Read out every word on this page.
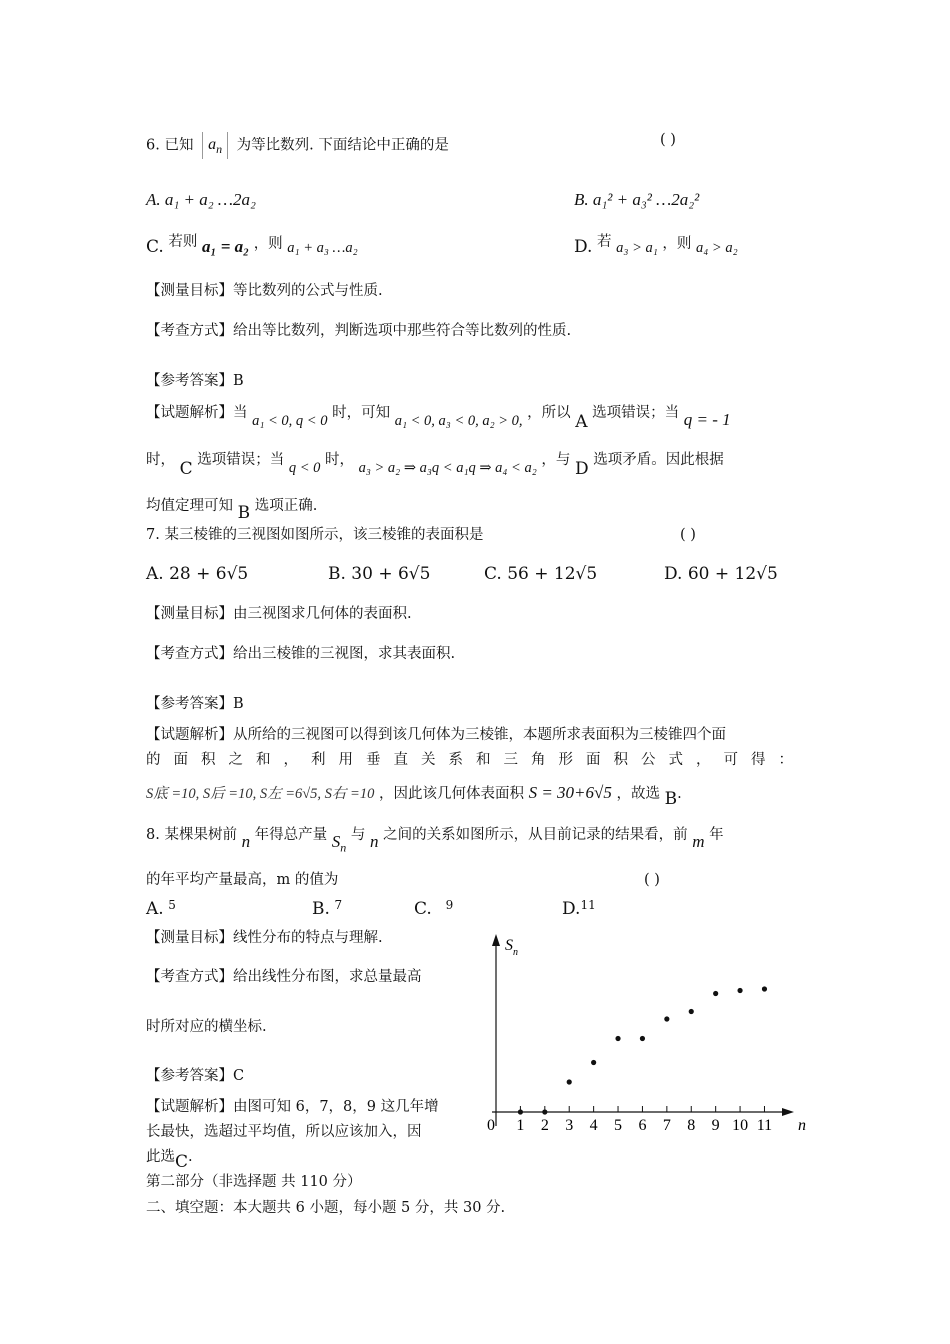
6. 已知 $a_n$ 为等比数列. 下面结论中正确的是	( )
A. a₁ + a₂ …2a₂	B. a₁² + a₃² …2a₂²
C. 若则 a₁ = a₂ ，则 a₁ + a₃ …a₂	D. 若 a₃ > a₁ ，则 a₄ > a₂
【测量目标】等比数列的公式与性质.
【考查方式】给出等比数列，判断选项中那些符合等比数列的性质.
【参考答案】B
【试题解析】当 a₁ < 0, q < 0 时，可知 a₁ < 0, a₃ < 0, a₂ > 0, ，所以 A 选项错误；当 q = - 1
时， C 选项错误；当 q < 0 时， a₃ > a₂ ⇒ a₃q < a₁q ⇒ a₄ < a₂ ，与 D 选项矛盾。因此根据
均值定理可知 B 选项正确.
7. 某三棱锥的三视图如图所示，该三棱锥的表面积是	( )
A. 28 + 6√5	B. 30 + 6√5	C. 56 + 12√5	D. 60 + 12√5
【测量目标】由三视图求几何体的表面积.
【考查方式】给出三棱锥的三视图，求其表面积.
【参考答案】B
【试题解析】从所给的三视图可以得到该几何体为三棱锥，本题所求表面积为三棱锥四个面
的面积之和，利用垂直关系和三角形面积公式，可得：
S底 =10, S后 =10, S左 =6√5, S右 =10 ，因此该几何体表面积 S = 30+6√5 ，故选 B.
8. 某棵果树前 n 年得总产量 $S_n$ 与 n 之间的关系如图所示，从目前记录的结果看，前 m 年
的年平均产量最高，m 的值为	( )
A. $^5$	B. $^7$	C. $^9$	D.$^{11}$
【测量目标】线性分布的特点与理解.
【考查方式】给出线性分布图，求总量最高
时所对应的横坐标.
【参考答案】C
【试题解析】由图可知 6，7，8，9 这几年增
长最快，选超过平均值，所以应该加入，因
此选C.
$S_n$
n
0 1 2 3 4 5 6 7 8 9 10 11
第二部分（非选择题 共 110 分）
二、填空题：本大题共 6 小题，每小题 5 分，共 30 分.
